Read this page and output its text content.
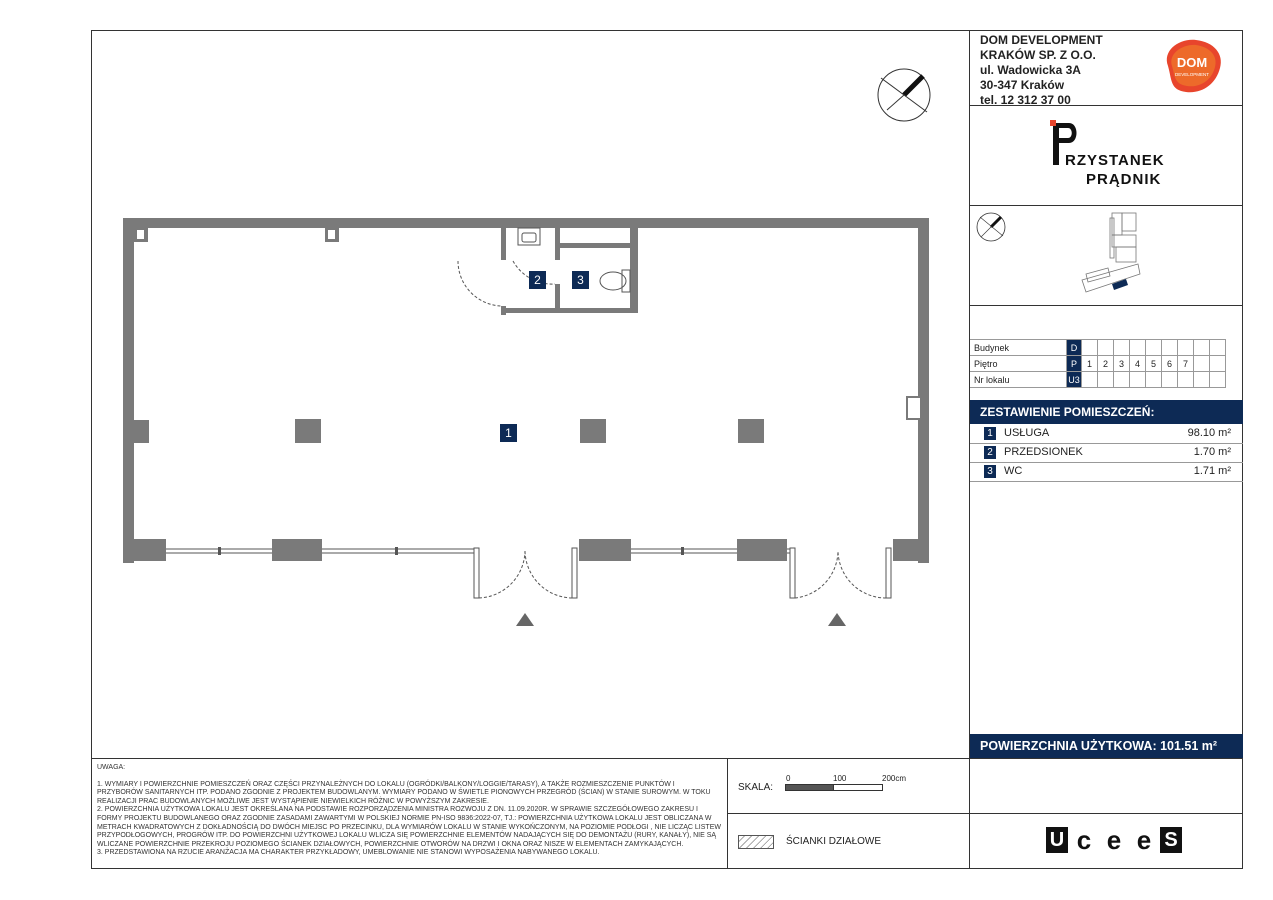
DOM DEVELOPMENT
KRAKÓW SP. Z O.O.
ul. Wadowicka 3A
30-347 Kraków
tel. 12 312 37 00
DOM
DEVELOPMENT
RZYSTANEK
PRĄDNIK
Budynek	D									
Piętro	P	1	2	3	4	5	6	7		
Nr lokalu	U3									
ZESTAWIENIE POMIESZCZEŃ:
1 USŁUGA	98.10 m²
2 PRZEDSIONEK	1.70 m²
3 WC	1.71 m²
POWIERZCHNIA UŻYTKOWA: 101.51 m²
1
2	3

UWAGA:

1. WYMIARY I POWIERZCHNIE POMIESZCZEŃ ORAZ CZĘŚCI PRZYNALEŻNYCH DO LOKALU (OGRÓDKI/BALKONY/LOGGIE/TARASY), A TAKŻE ROZMIESZCZENIE PUNKTÓW I PRZYBORÓW SANITARNYCH ITP. PODANO ZGODNIE Z PROJEKTEM BUDOWLANYM. WYMIARY PODANO W ŚWIETLE PIONOWYCH PRZEGRÓD (ŚCIAN) W STANIE SUROWYM. W TOKU REALIZACJI PRAC BUDOWLANYCH MOŻLIWE JEST WYSTĄPIENIE NIEWIELKICH RÓŻNIC W POWYŻSZYM ZAKRESIE.

2. POWIERZCHNIA UŻYTKOWA LOKALU JEST OKREŚLANA NA PODSTAWIE ROZPORZĄDZENIA MINISTRA ROZWOJU Z DN. 11.09.2020R. W SPRAWIE SZCZEGÓŁOWEGO ZAKRESU I FORMY PROJEKTU BUDOWLANEGO ORAZ ZGODNIE ZASADAMI ZAWARTYMI W POLSKIEJ NORMIE PN-ISO 9836:2022-07, TJ.: POWIERZCHNIA UŻYTKOWA LOKALU JEST OBLICZANA W METRACH KWADRATOWYCH Z DOKŁADNOŚCIĄ DO DWÓCH MIEJSC PO PRZECINKU, DLA WYMIARÓW LOKALU W STANIE WYKOŃCZONYM, NA POZIOMIE PODŁOGI , NIE LICZĄC LISTEW PRZYPODŁOGOWYCH, PROGRÓW ITP. DO POWIERZCHNI UŻYTKOWEJ LOKALU WLICZA SIĘ POWIERZCHNIE ELEMENTÓW NADAJĄCYCH SIĘ DO DEMONTAŻU (RURY, KANAŁY), NIE SĄ WLICZANE POWIERZCHNIE PRZEKROJU POZIOMEGO ŚCIANEK DZIAŁOWYCH, POWIERZCHNIE OTWORÓW NA DRZWI I OKNA ORAZ NISZE W ELEMENTACH ZAMYKAJĄCYCH.

3. PRZEDSTAWIONA NA RZUCIE ARANŻACJA MA CHARAKTER PRZYKŁADOWY, UMEBLOWANIE NIE STANOWI WYPOSAŻENIA NABYWANEGO LOKALU.

SKALA:
0	100	200cm
ŚCIANKI DZIAŁOWE	U c e e S
